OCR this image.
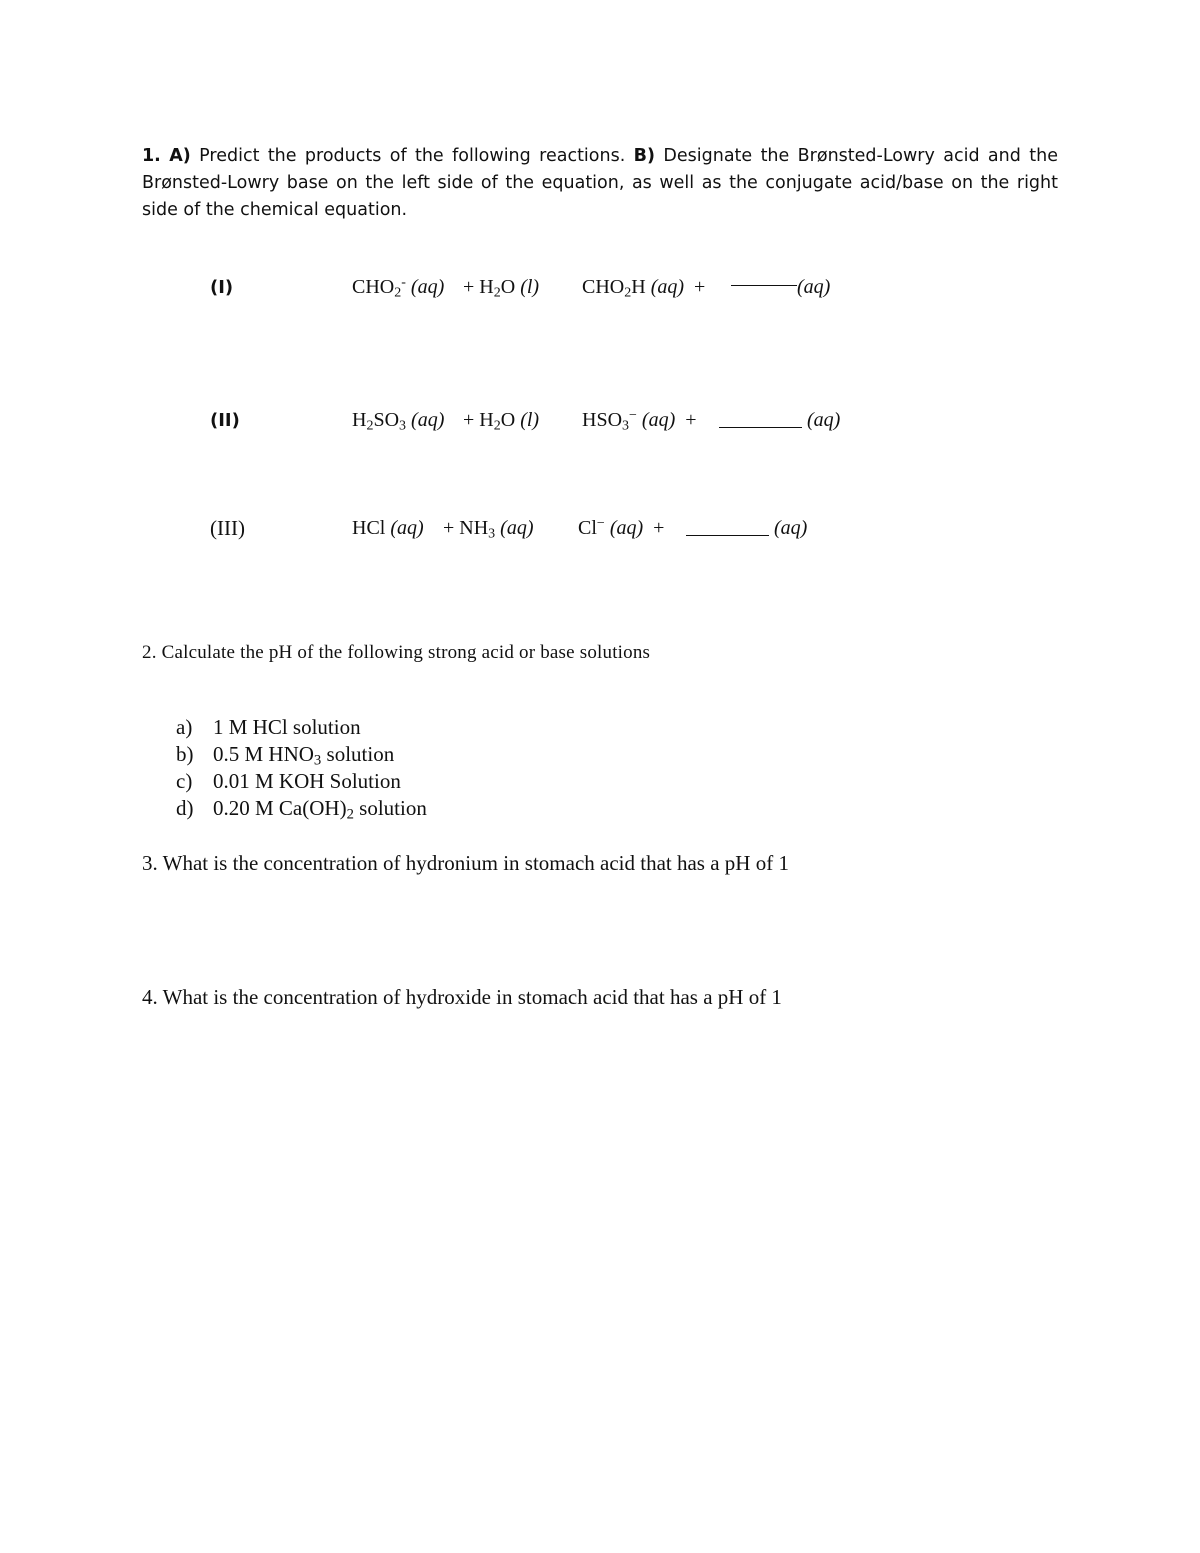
1. A) Predict the products of the following reactions. B) Designate the Brønsted-Lowry acid and the Brønsted-Lowry base on the left side of the equation, as well as the conjugate acid/base on the right side of the chemical equation.
(I)	$CHO_2^-$ $(aq) + H_2O$ (l) $CHO_2H$ (aq) +	(aq)
(II)	$H_2SO_3$ $(aq) + H_2O$ (l) $HSO_3^-$ (aq) +	(aq)
(III)	HCl $(aq) + NH_3$ (aq) Cl− (aq) +	(aq)
2. Calculate the pH of the following strong acid or base solutions
a) 1 M HCl solution
b) 0.5 M $HNO_3$ solution
c) 0.01 M KOH Solution
d) 0.20 M $Ca(OH)_2$ solution
3. What is the concentration of hydronium in stomach acid that has a pH of 1
4. What is the concentration of hydroxide in stomach acid that has a pH of 1
